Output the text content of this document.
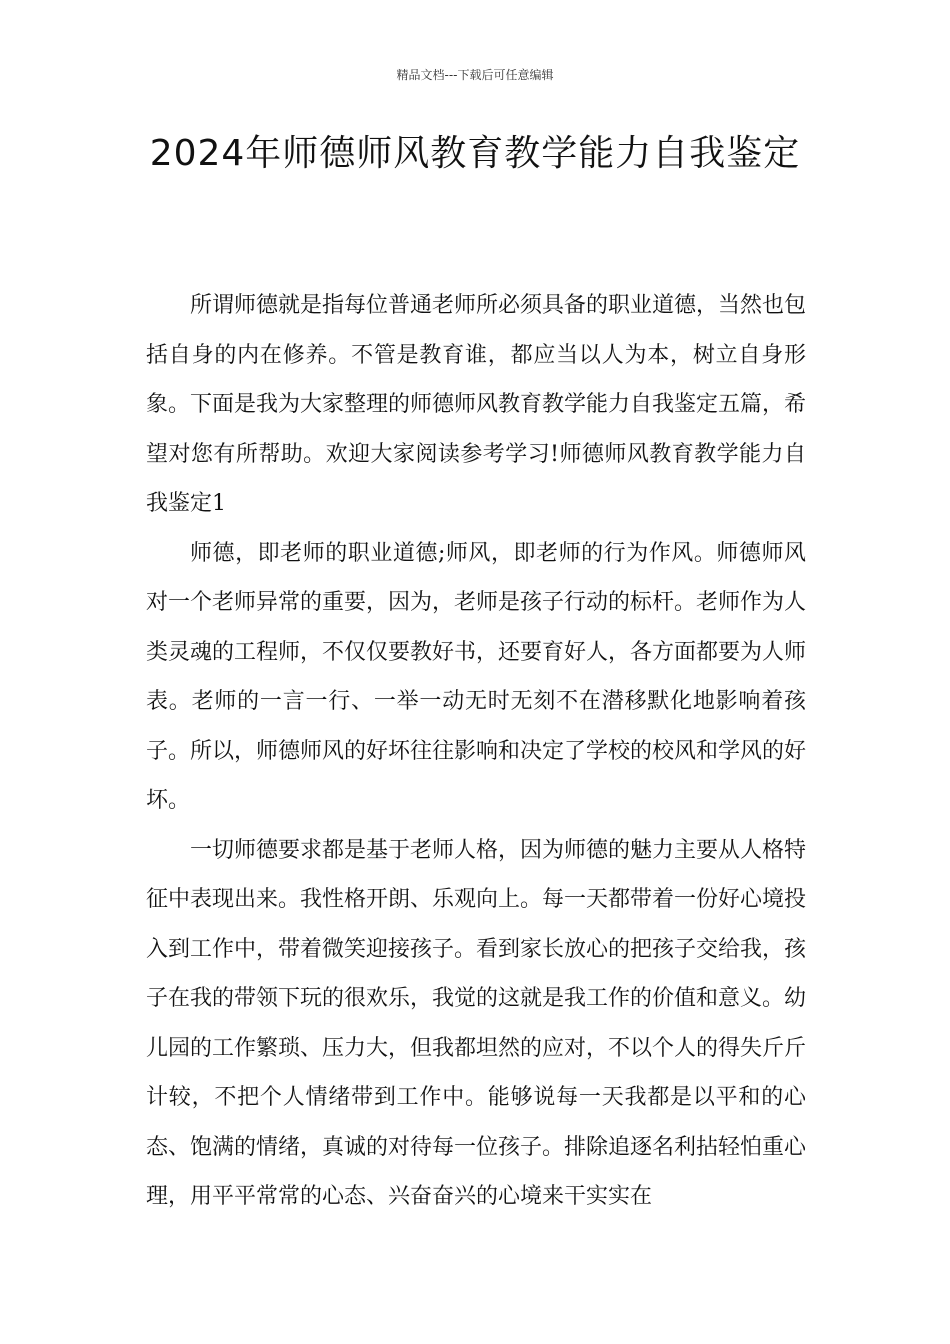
精品文档---下载后可任意编辑
2024年师德师风教育教学能力自我鉴定

所谓师德就是指每位普通老师所必须具备的职业道德，当然也包括自身的内在修养。不管是教育谁，都应当以人为本，树立自身形象。下面是我为大家整理的师德师风教育教学能力自我鉴定五篇，希望对您有所帮助。欢迎大家阅读参考学习!师德师风教育教学能力自我鉴定1

师德，即老师的职业道德;师风，即老师的行为作风。师德师风对一个老师异常的重要，因为，老师是孩子行动的标杆。老师作为人类灵魂的工程师，不仅仅要教好书，还要育好人，各方面都要为人师表。老师的一言一行、一举一动无时无刻不在潜移默化地影响着孩子。所以，师德师风的好坏往往影响和决定了学校的校风和学风的好坏。

一切师德要求都是基于老师人格，因为师德的魅力主要从人格特征中表现出来。我性格开朗、乐观向上。每一天都带着一份好心境投入到工作中，带着微笑迎接孩子。看到家长放心的把孩子交给我，孩子在我的带领下玩的很欢乐，我觉的这就是我工作的价值和意义。幼儿园的工作繁琐、压力大，但我都坦然的应对，不以个人的得失斤斤计较，不把个人情绪带到工作中。能够说每一天我都是以平和的心态、饱满的情绪，真诚的对待每一位孩子。排除追逐名利拈轻怕重心理，用平平常常的心态、兴奋奋兴的心境来干实实在
